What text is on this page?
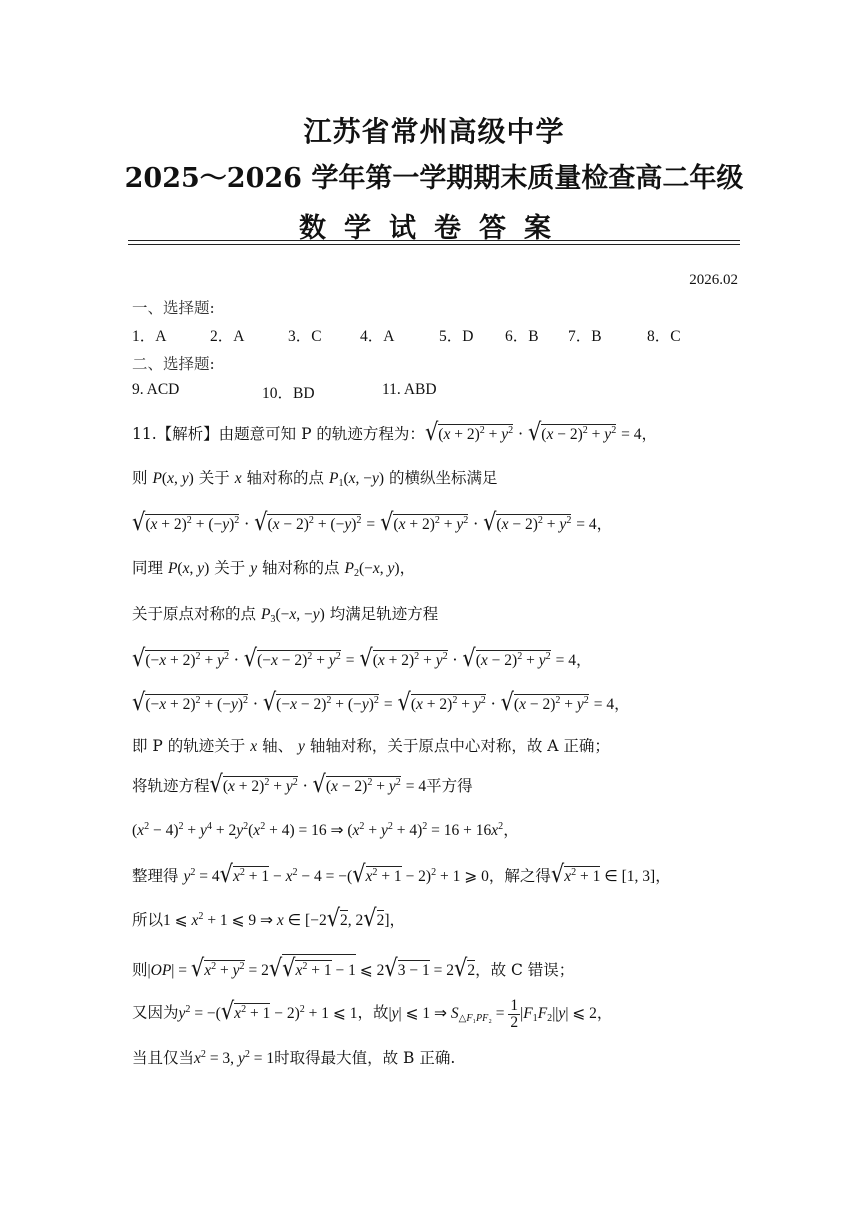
江苏省常州高级中学
2025～2026 学年第一学期期末质量检查高二年级
数学试卷答案
2026.02
一、选择题:
1．A	2．A	3．C 4．A	5．D 6．B 7．B	8．C
二、选择题:
9. ACD	10．BD	11. ABD
11.【解析】由题意可知 P 的轨迹方程为：$√(x + 2)^2 + y^2 \cdot √(x - 2)^2 + y^2 = 4$，
则 P(x, y) 关于 x 轴对称的点 $P_1(x$, −y) 的横纵坐标满足
$√(x + 2)^2 + (-y)^2 \cdot √(x - 2)^2 + (-y)^2 = √(x + 2)^2 + y^2 \cdot √(x - 2)^2 + y^2 = 4$，
同理 P(x, y) 关于 y 轴对称的点 $P_2(-x$, y)，
关于原点对称的点 $P_3(-x$, −y) 均满足轨迹方程
$√(-x + 2)^2 + y^2 \cdot √(-x - 2)^2 + y^2 = √(x + 2)^2 + y^2 \cdot √(x - 2)^2 + y^2 = 4$，
$√(-x + 2)^2 + (-y)^2 \cdot √(-x - 2)^2 + (-y)^2 = √(x + 2)^2 + y^2 \cdot √(x - 2)^2 + y^2 = 4$，
即 P 的轨迹关于 x 轴、 y 轴轴对称，关于原点中心对称，故 A 正确；
将轨迹方程$√(x + 2)^2 + y^2 \cdot √(x - 2)^2 + y^2 = 4$平方得
$(x^2 - 4)^2 + y^4 + 2y^2(x^2 + 4) = 16$ ⇒ $(x^2 + y^2 + 4)^2 = 16 + 16x^2$，
整理得 $y^2 = 4√x^2 + 1 - x^2 - 4 = -(√x^2 + 1 - 2)^2 + 1$ ⩾ 0，解之得$√x^2 + 1$ ∈ [1, 3]，
所以1 ⩽ $x^2 + 1$ ⩽ 9 ⇒ x ∈ [−2√2, 2√2]，
则$|OP| = √x^2 + y^2 = 2√√x^2 + 1 - 1$ ⩽ 2√3 − 1 = 2√2，故 C 错误；
又因为$y^2 = -(√x^2 + 1 - 2)^2 + 1$ ⩽ 1，故|y| ⩽ 1 ⇒ $S_{\triangle F_1PF_2} = \frac{1}{2} |F_1F_2||y|$ ⩽ 2，
当且仅当$x^2 = 3$, $y^2 = 1$时取得最大值，故 B 正确.
